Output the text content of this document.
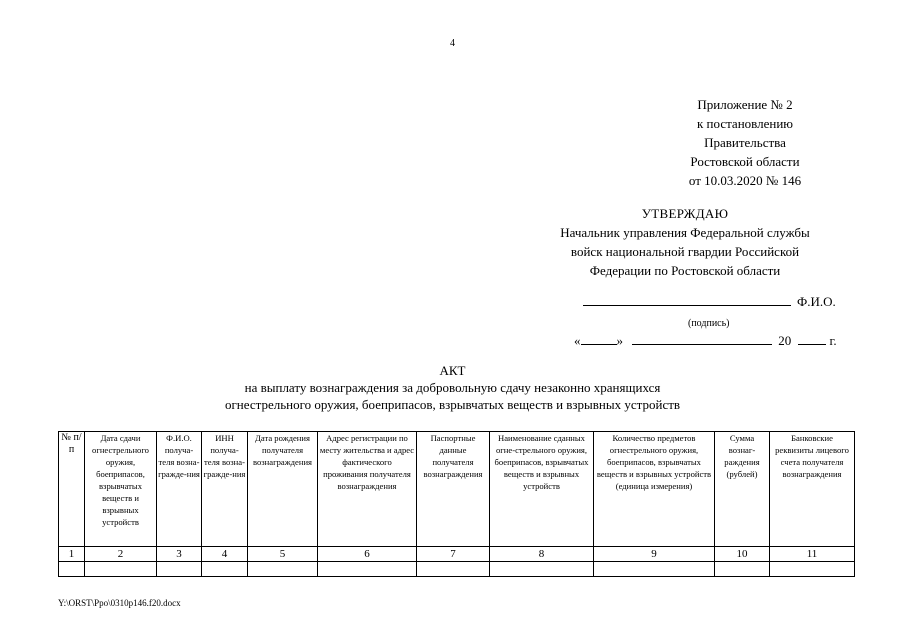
4
Приложение № 2
к постановлению
Правительства
Ростовской области
от 10.03.2020 № 146
УТВЕРЖДАЮ
Начальник управления Федеральной службы
войск национальной гвардии Российской
Федерации по Ростовской области
Ф.И.О.
(подпись)
«	»	20	г.
АКТ
на выплату вознаграждения за добровольную сдачу незаконно хранящихся
огнестрельного оружия, боеприпасов, взрывчатых веществ и взрывных устройств
№ п/п	Дата сдачи огнестрельного оружия, боеприпасов, взрывчатых веществ и взрывных устройств	Ф.И.О. получа-теля возна-гражде-ния	ИНН получа-теля возна-гражде-ния	Дата рождения получателя вознаграждения	Адрес регистрации по месту жительства и адрес фактического проживания получателя вознаграждения	Паспортные данные получателя вознаграждения	Наименование сданных огне-стрельного оружия, боеприпасов, взрывчатых веществ и взрывных устройств	Количество предметов огнестрельного оружия, боеприпасов, взрывчатых веществ и взрывных устройств (единица измерения)	Сумма вознаг-раждения (рублей)	Банковские реквизиты лицевого счета получателя вознаграждения
1	2	3	4	5	6	7	8	9	10	11

Y:\ORST\Ppo\0310p146.f20.docx
